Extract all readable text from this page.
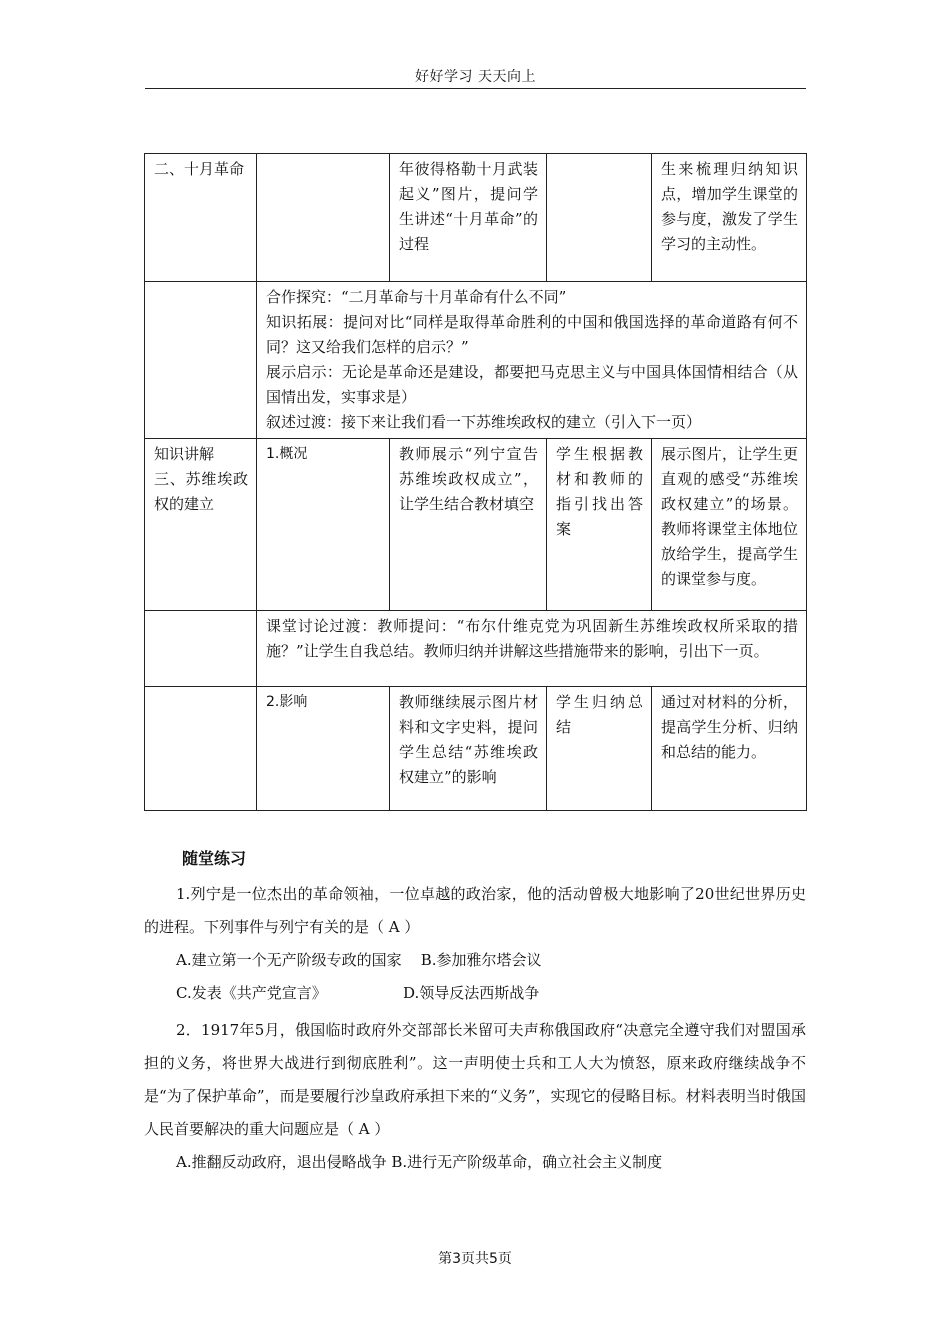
好好学习 天天向上
二、十月革命		年彼得格勒十月武装起义”图片，提问学生讲述“十月革命”的过程		生来梳理归纳知识点，增加学生课堂的参与度，激发了学生学习的主动性。

	合作探究：“二月革命与十月革命有什么不同”
知识拓展：提问对比“同样是取得革命胜利的中国和俄国选择的革命道路有何不同？这又给我们怎样的启示？”
展示启示：无论是革命还是建设，都要把马克思主义与中国具体国情相结合（从国情出发，实事求是）
叙述过渡：接下来让我们看一下苏维埃政权的建立（引入下一页）			

知识讲解
三、苏维埃政权的建立	1.概况	教师展示“列宁宣告苏维埃政权成立”，让学生结合教材填空	学生根据教材和教师的指引找出答案	展示图片，让学生更直观的感受“苏维埃政权建立”的场景。教师将课堂主体地位放给学生，提高学生的课堂参与度。
	课堂讨论过渡：教师提问：“布尔什维克党为巩固新生苏维埃政权所采取的措施？”让学生自我总结。教师归纳并讲解这些措施带来的影响，引出下一页。			
	2.影响	教师继续展示图片材料和文字史料，提问学生总结“苏维埃政权建立”的影响	学生归纳总结	通过对材料的分析，提高学生分析、归纳和总结的能力。
随堂练习

1.列宁是一位杰出的革命领袖，一位卓越的政治家，他的活动曾极大地影响了20世纪世界历史的进程。下列事件与列宁有关的是（ A ）

A.建立第一个无产阶级专政的国家 B.参加雅尔塔会议

C.发表《共产党宣言》	D.领导反法西斯战争

2．1917年5月，俄国临时政府外交部部长米留可夫声称俄国政府“决意完全遵守我们对盟国承担的义务，将世界大战进行到彻底胜利”。这一声明使士兵和工人大为愤怒，原来政府继续战争不是“为了保护革命”，而是要履行沙皇政府承担下来的“义务”，实现它的侵略目标。材料表明当时俄国人民首要解决的重大问题应是（ A ）

A.推翻反动政府，退出侵略战争 B.进行无产阶级革命，确立社会主义制度

第3页共5页
